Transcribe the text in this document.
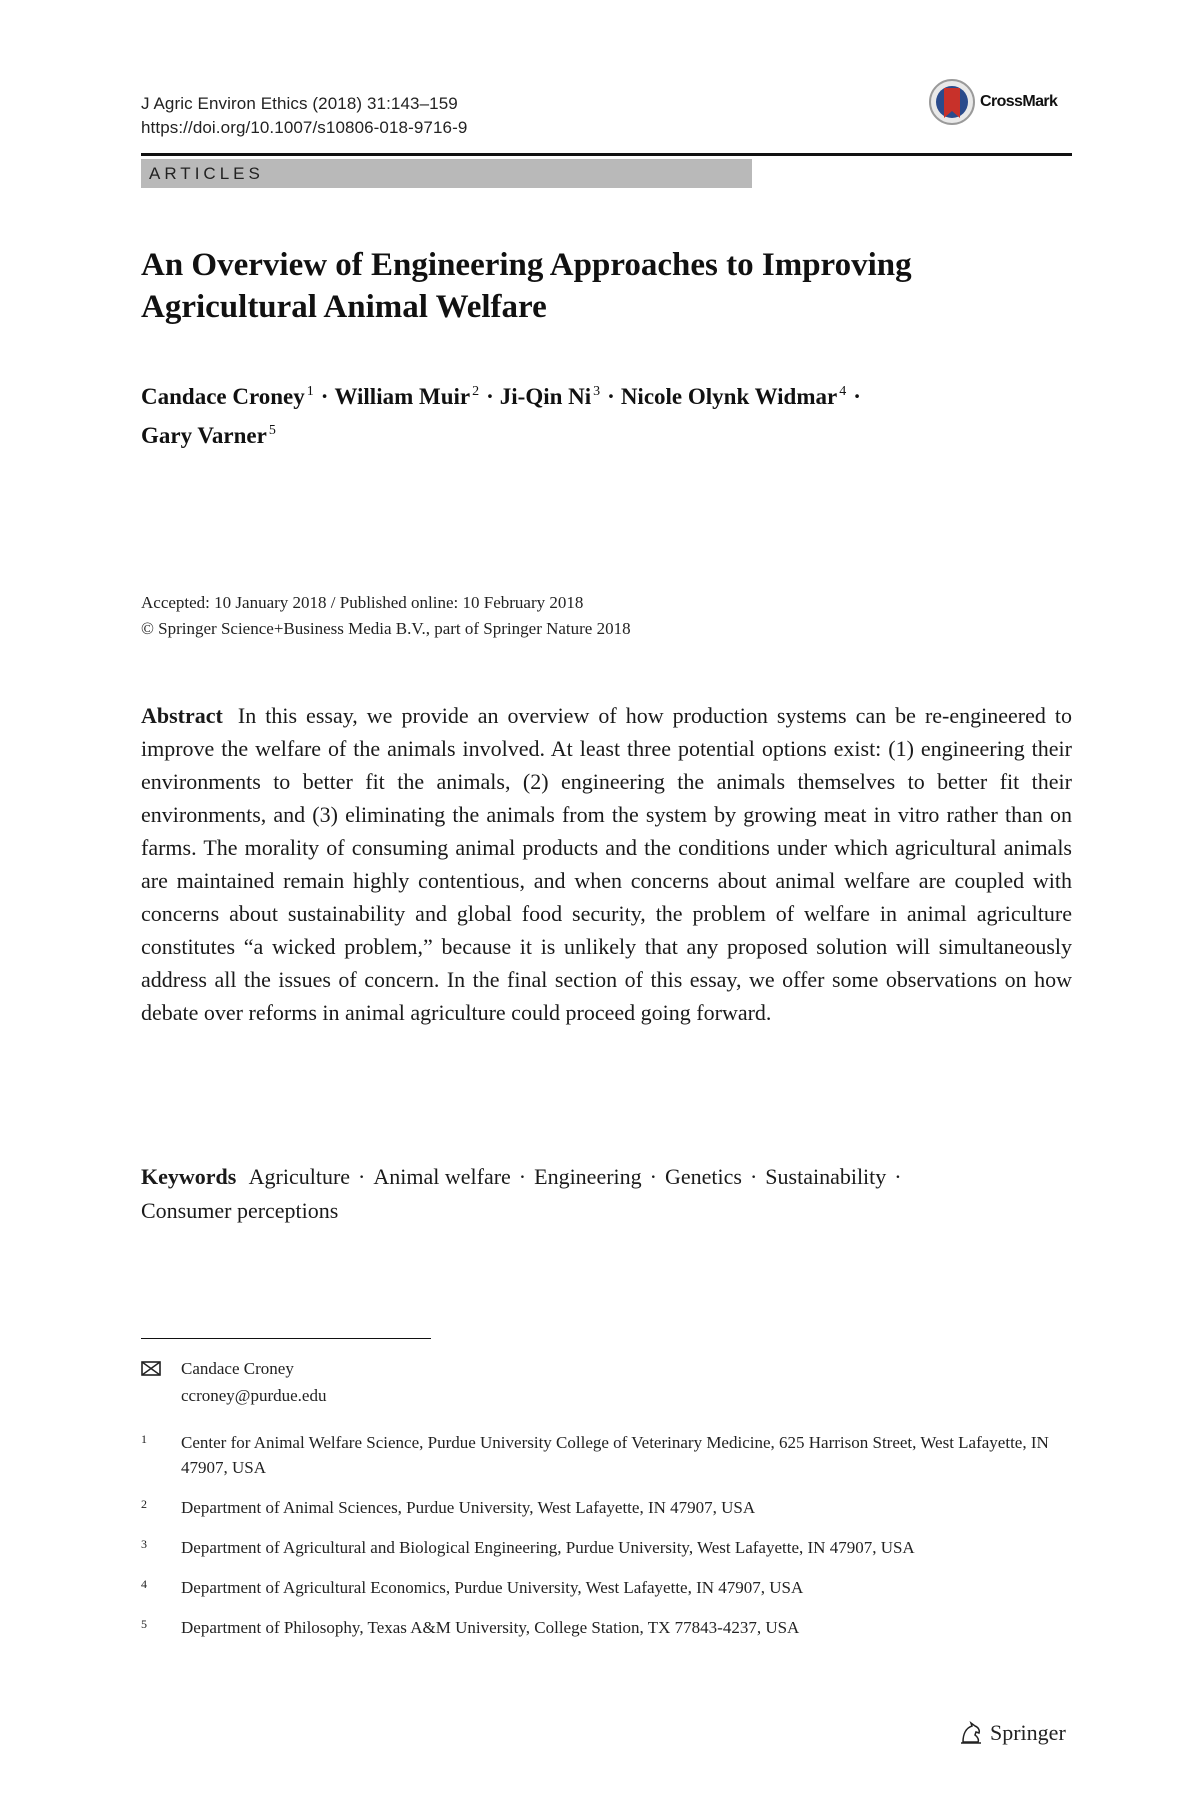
J Agric Environ Ethics (2018) 31:143–159
https://doi.org/10.1007/s10806-018-9716-9
CrossMark
ARTICLES
An Overview of Engineering Approaches to Improving
Agricultural Animal Welfare
Candace Croney $^1$ · William Muir $^2$ · Ji-Qin Ni $^3$ · Nicole Olynk Widmar $^4$ ·
Gary Varner $^5$
Accepted: 10 January 2018 / Published online: 10 February 2018
© Springer Science+Business Media B.V., part of Springer Nature 2018

Abstract In this essay, we provide an overview of how production systems can be re-engineered to improve the welfare of the animals involved. At least three potential options exist: (1) engineering their environments to better fit the animals, (2) engineering the animals themselves to better fit their environments, and (3) eliminating the animals from the system by growing meat in vitro rather than on farms. The morality of consuming animal products and the conditions under which agricultural animals are maintained remain highly contentious, and when concerns about animal welfare are coupled with concerns about sustainability and global food security, the problem of welfare in animal agriculture constitutes “a wicked problem,” because it is unlikely that any proposed solution will simultaneously address all the issues of concern. In the final section of this essay, we offer some observations on how debate over reforms in animal agriculture could proceed going forward.

Keywords Agriculture · Animal welfare · Engineering · Genetics · Sustainability ·
Consumer perceptions
Candace Croney
ccroney@purdue.edu
1 Center for Animal Welfare Science, Purdue University College of Veterinary Medicine, 625 Harrison Street, West Lafayette, IN 47907, USA
2 Department of Animal Sciences, Purdue University, West Lafayette, IN 47907, USA
3 Department of Agricultural and Biological Engineering, Purdue University, West Lafayette, IN 47907, USA
4 Department of Agricultural Economics, Purdue University, West Lafayette, IN 47907, USA
5 Department of Philosophy, Texas A&M University, College Station, TX 77843-4237, USA
Springer
